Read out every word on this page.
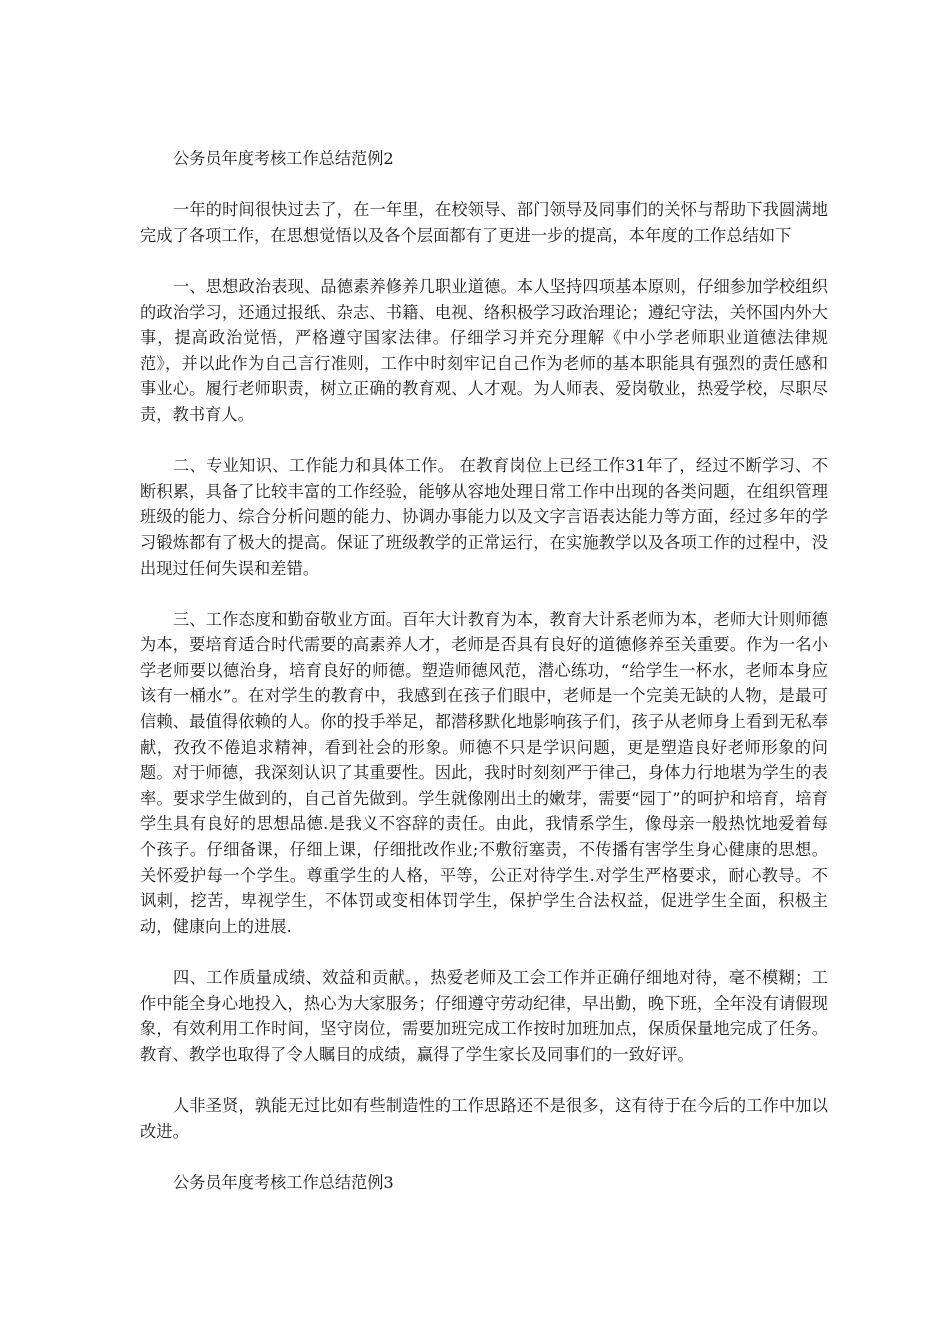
公务员年度考核工作总结范例2

一年的时间很快过去了，在一年里，在校领导、部门领导及同事们的关怀与帮助下我圆满地完成了各项工作，在思想觉悟以及各个层面都有了更进一步的提高，本年度的工作总结如下

一、思想政治表现、品德素养修养几职业道德。本人坚持四项基本原则，仔细参加学校组织的政治学习，还通过报纸、杂志、书籍、电视、络积极学习政治理论；遵纪守法，关怀国内外大事，提高政治觉悟，严格遵守国家法律。仔细学习并充分理解《中小学老师职业道德法律规范》，并以此作为自己言行准则，工作中时刻牢记自己作为老师的基本职能具有强烈的责任感和事业心。履行老师职责，树立正确的教育观、人才观。为人师表、爱岗敬业，热爱学校，尽职尽责，教书育人。

二、专业知识、工作能力和具体工作。 在教育岗位上已经工作31年了，经过不断学习、不断积累，具备了比较丰富的工作经验，能够从容地处理日常工作中出现的各类问题，在组织管理班级的能力、综合分析问题的能力、协调办事能力以及文字言语表达能力等方面，经过多年的学习锻炼都有了极大的提高。保证了班级教学的正常运行，在实施教学以及各项工作的过程中，没出现过任何失误和差错。

三、工作态度和勤奋敬业方面。百年大计教育为本，教育大计系老师为本，老师大计则师德为本，要培育适合时代需要的高素养人才，老师是否具有良好的道德修养至关重要。作为一名小学老师要以德治身，培育良好的师德。塑造师德风范，潜心练功，“给学生一杯水，老师本身应该有一桶水”。在对学生的教育中，我感到在孩子们眼中，老师是一个完美无缺的人物，是最可信赖、最值得依赖的人。你的投手举足，都潜移默化地影响孩子们，孩子从老师身上看到无私奉献，孜孜不倦追求精神，看到社会的形象。师德不只是学识问题，更是塑造良好老师形象的问题。对于师德，我深刻认识了其重要性。因此，我时时刻刻严于律己，身体力行地堪为学生的表率。要求学生做到的，自己首先做到。学生就像刚出土的嫩芽，需要“园丁”的呵护和培育，培育学生具有良好的思想品德.是我义不容辞的责任。由此，我情系学生，像母亲一般热忱地爱着每个孩子。仔细备课，仔细上课，仔细批改作业;不敷衍塞责，不传播有害学生身心健康的思想。关怀爱护每一个学生。尊重学生的人格，平等，公正对待学生.对学生严格要求，耐心教导。不讽刺，挖苦，卑视学生，不体罚或变相体罚学生，保护学生合法权益，促进学生全面，积极主动，健康向上的进展.

四、工作质量成绩、效益和贡献。，热爱老师及工会工作并正确仔细地对待，毫不模糊；工作中能全身心地投入，热心为大家服务；仔细遵守劳动纪律，早出勤，晚下班，全年没有请假现象，有效利用工作时间，坚守岗位，需要加班完成工作按时加班加点，保质保量地完成了任务。教育、教学也取得了令人瞩目的成绩，赢得了学生家长及同事们的一致好评。

人非圣贤，孰能无过比如有些制造性的工作思路还不是很多，这有待于在今后的工作中加以改进。

公务员年度考核工作总结范例3
